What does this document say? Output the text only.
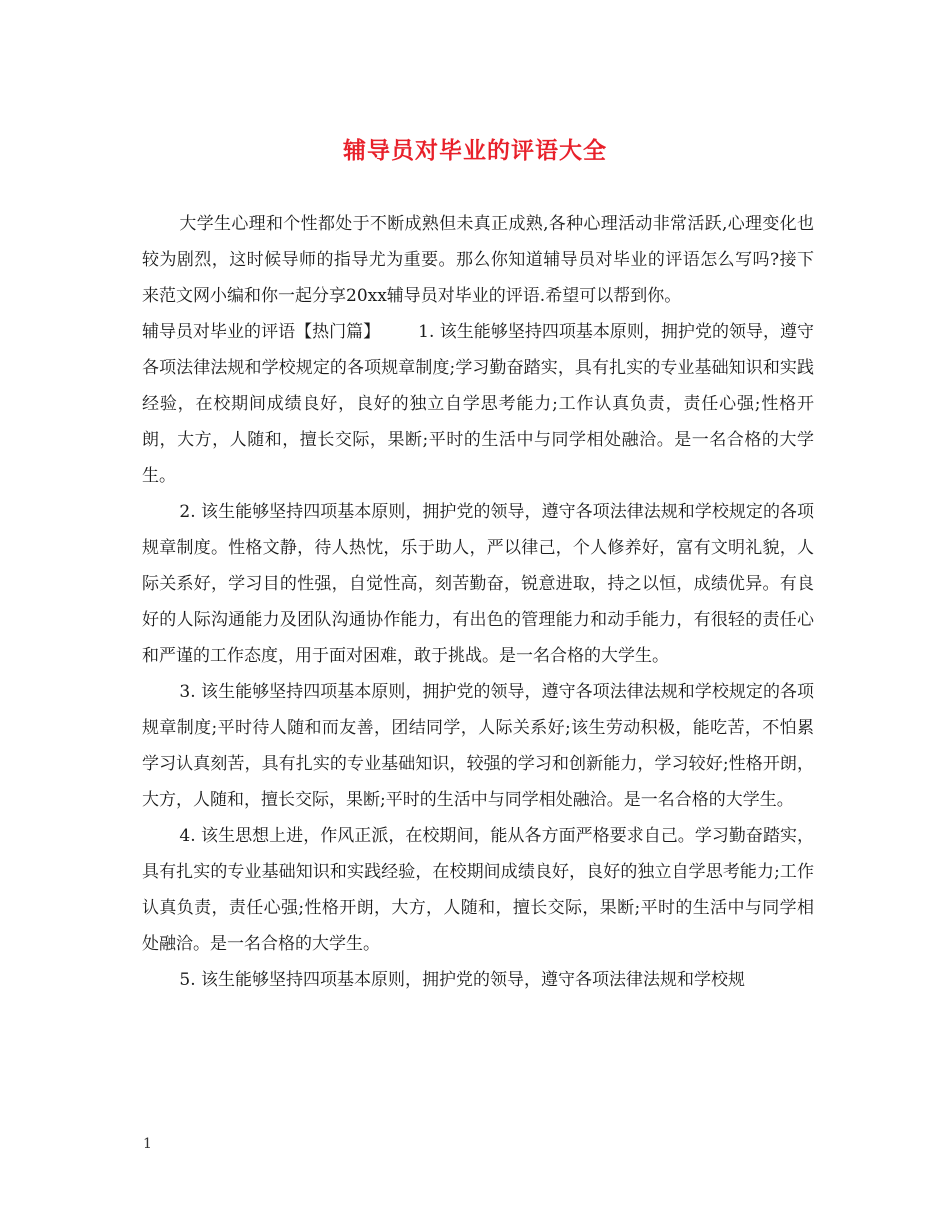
辅导员对毕业的评语大全

大学生心理和个性都处于不断成熟但未真正成熟,各种心理活动非常活跃,心理变化也较为剧烈，这时候导师的指导尤为重要。那么你知道辅导员对毕业的评语怎么写吗?接下来范文网小编和你一起分享20xx辅导员对毕业的评语.希望可以帮到你。

辅导员对毕业的评语【热门篇】 1. 该生能够坚持四项基本原则，拥护党的领导，遵守各项法律法规和学校规定的各项规章制度;学习勤奋踏实，具有扎实的专业基础知识和实践经验，在校期间成绩良好，良好的独立自学思考能力;工作认真负责，责任心强;性格开朗，大方，人随和，擅长交际，果断;平时的生活中与同学相处融洽。是一名合格的大学生。

2. 该生能够坚持四项基本原则，拥护党的领导，遵守各项法律法规和学校规定的各项规章制度。性格文静，待人热忱，乐于助人，严以律己，个人修养好，富有文明礼貌，人际关系好，学习目的性强，自觉性高，刻苦勤奋，锐意进取，持之以恒，成绩优异。有良好的人际沟通能力及团队沟通协作能力，有出色的管理能力和动手能力，有很轻的责任心和严谨的工作态度，用于面对困难，敢于挑战。是一名合格的大学生。

3. 该生能够坚持四项基本原则，拥护党的领导，遵守各项法律法规和学校规定的各项规章制度;平时待人随和而友善，团结同学，人际关系好;该生劳动积极，能吃苦，不怕累学习认真刻苦，具有扎实的专业基础知识，较强的学习和创新能力，学习较好;性格开朗，大方，人随和，擅长交际，果断;平时的生活中与同学相处融洽。是一名合格的大学生。

4. 该生思想上进，作风正派，在校期间，能从各方面严格要求自己。学习勤奋踏实，具有扎实的专业基础知识和实践经验，在校期间成绩良好，良好的独立自学思考能力;工作认真负责，责任心强;性格开朗，大方，人随和，擅长交际，果断;平时的生活中与同学相处融洽。是一名合格的大学生。

5. 该生能够坚持四项基本原则，拥护党的领导，遵守各项法律法规和学校规

1
